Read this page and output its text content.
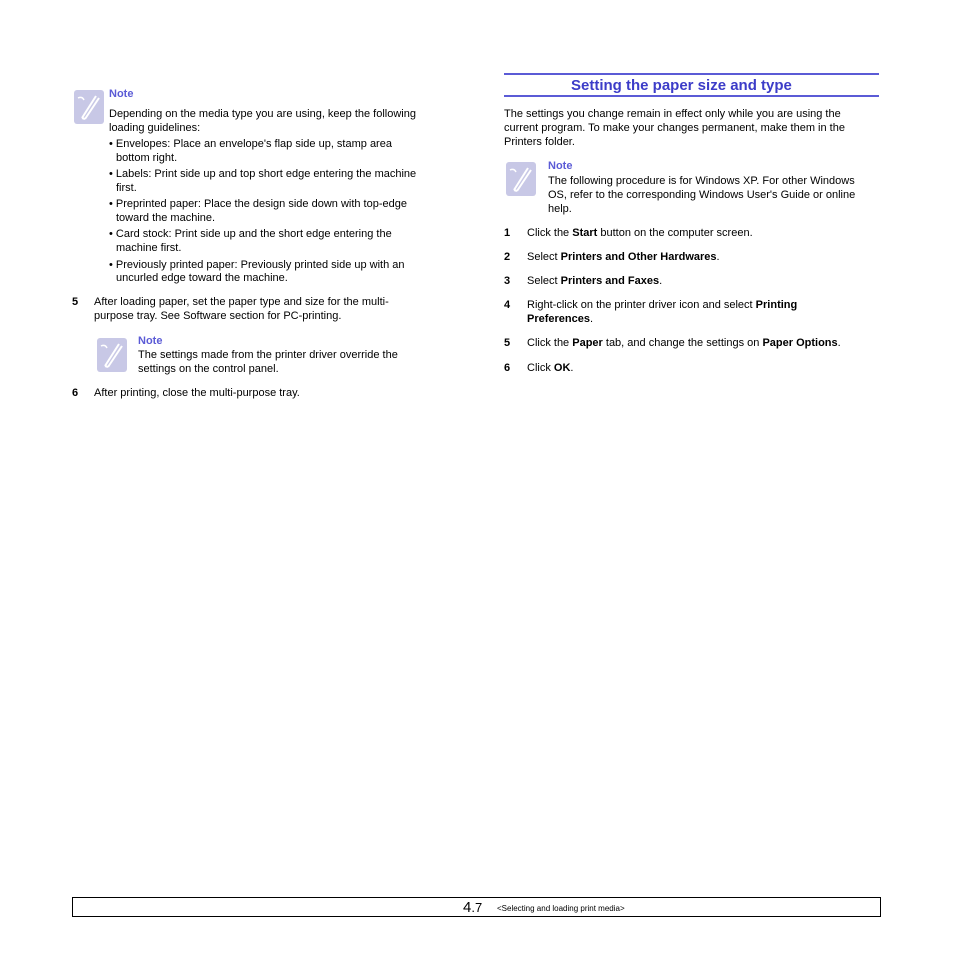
Note
Depending on the media type you are using, keep the following
loading guidelines:
• Envelopes: Place an envelope's flap side up, stamp area
bottom right.
• Labels: Print side up and top short edge entering the machine
first.
• Preprinted paper: Place the design side down with top-edge
toward the machine.
• Card stock: Print side up and the short edge entering the
machine first.
• Previously printed paper: Previously printed side up with an
uncurled edge toward the machine.
5 After loading paper, set the paper type and size for the multi-
purpose tray. See Software section for PC-printing.
Note
The settings made from the printer driver override the
settings on the control panel.
6 After printing, close the multi-purpose tray.
Setting the paper size and type
The settings you change remain in effect only while you are using the
current program. To make your changes permanent, make them in the
Printers folder.
Note
The following procedure is for Windows XP. For other Windows
OS, refer to the corresponding Windows User's Guide or online
help.
1 Click the Start button on the computer screen.
2 Select Printers and Other Hardwares.
3 Select Printers and Faxes.
4 Right-click on the printer driver icon and select Printing
Preferences.
5 Click the Paper tab, and change the settings on Paper Options.
6 Click OK.
4.7 <Selecting and loading print media>
